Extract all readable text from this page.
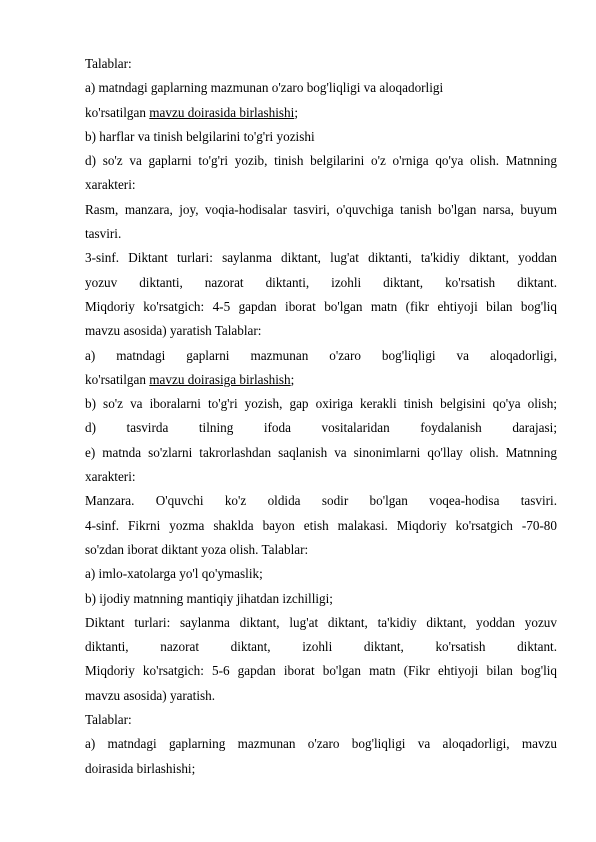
Talablar:
a) matndagi gaplarning mazmunan o'zaro bog'liqligi va aloqadorligi
ko'rsatilgan mavzu doirasida birlashishi;
b) harflar va tinish belgilarini to'g'ri yozishi
d) so'z va gaplarni to'g'ri yozib, tinish belgilarini o'z o'rniga qo'ya olish. Matnning
xarakteri:
Rasm, manzara, joy, voqia-hodisalar tasviri, o'quvchiga tanish bo'lgan narsa, buyum
tasviri.
3-sinf. Diktant turlari: saylanma diktant, lug'at diktanti, ta'kidiy diktant, yoddan
yozuv diktanti, nazorat diktanti, izohli diktant, ko'rsatish diktant.
Miqdoriy ko'rsatgich: 4-5 gapdan iborat bo'lgan matn (fikr ehtiyoji bilan bog'liq
mavzu asosida) yaratish Talablar:
a) matndagi gaplarni mazmunan o'zaro bog'liqligi va aloqadorligi,
ko'rsatilgan mavzu doirasiga birlashish;
b) so'z va iboralarni to'g'ri yozish, gap oxiriga kerakli tinish belgisini qo'ya olish;
d) tasvirda tilning ifoda vositalaridan foydalanish darajasi;
e) matnda so'zlarni takrorlashdan saqlanish va sinonimlarni qo'llay olish. Matnning
xarakteri:
Manzara. O'quvchi ko'z oldida sodir bo'lgan voqea-hodisa tasviri.
4-sinf. Fikrni yozma shaklda bayon etish malakasi. Miqdoriy ko'rsatgich -70-80
so'zdan iborat diktant yoza olish. Talablar:
a) imlo-xatolarga yo'l qo'ymaslik;
b) ijodiy matnning mantiqiy jihatdan izchilligi;
Diktant turlari: saylanma diktant, lug'at diktant, ta'kidiy diktant, yoddan yozuv
diktanti, nazorat diktant, izohli diktant, ko'rsatish diktant.
Miqdoriy ko'rsatgich: 5-6 gapdan iborat bo'lgan matn (Fikr ehtiyoji bilan bog'liq
mavzu asosida) yaratish.
Talablar:
a) matndagi gaplarning mazmunan o'zaro bog'liqligi va aloqadorligi, mavzu
doirasida birlashishi;
